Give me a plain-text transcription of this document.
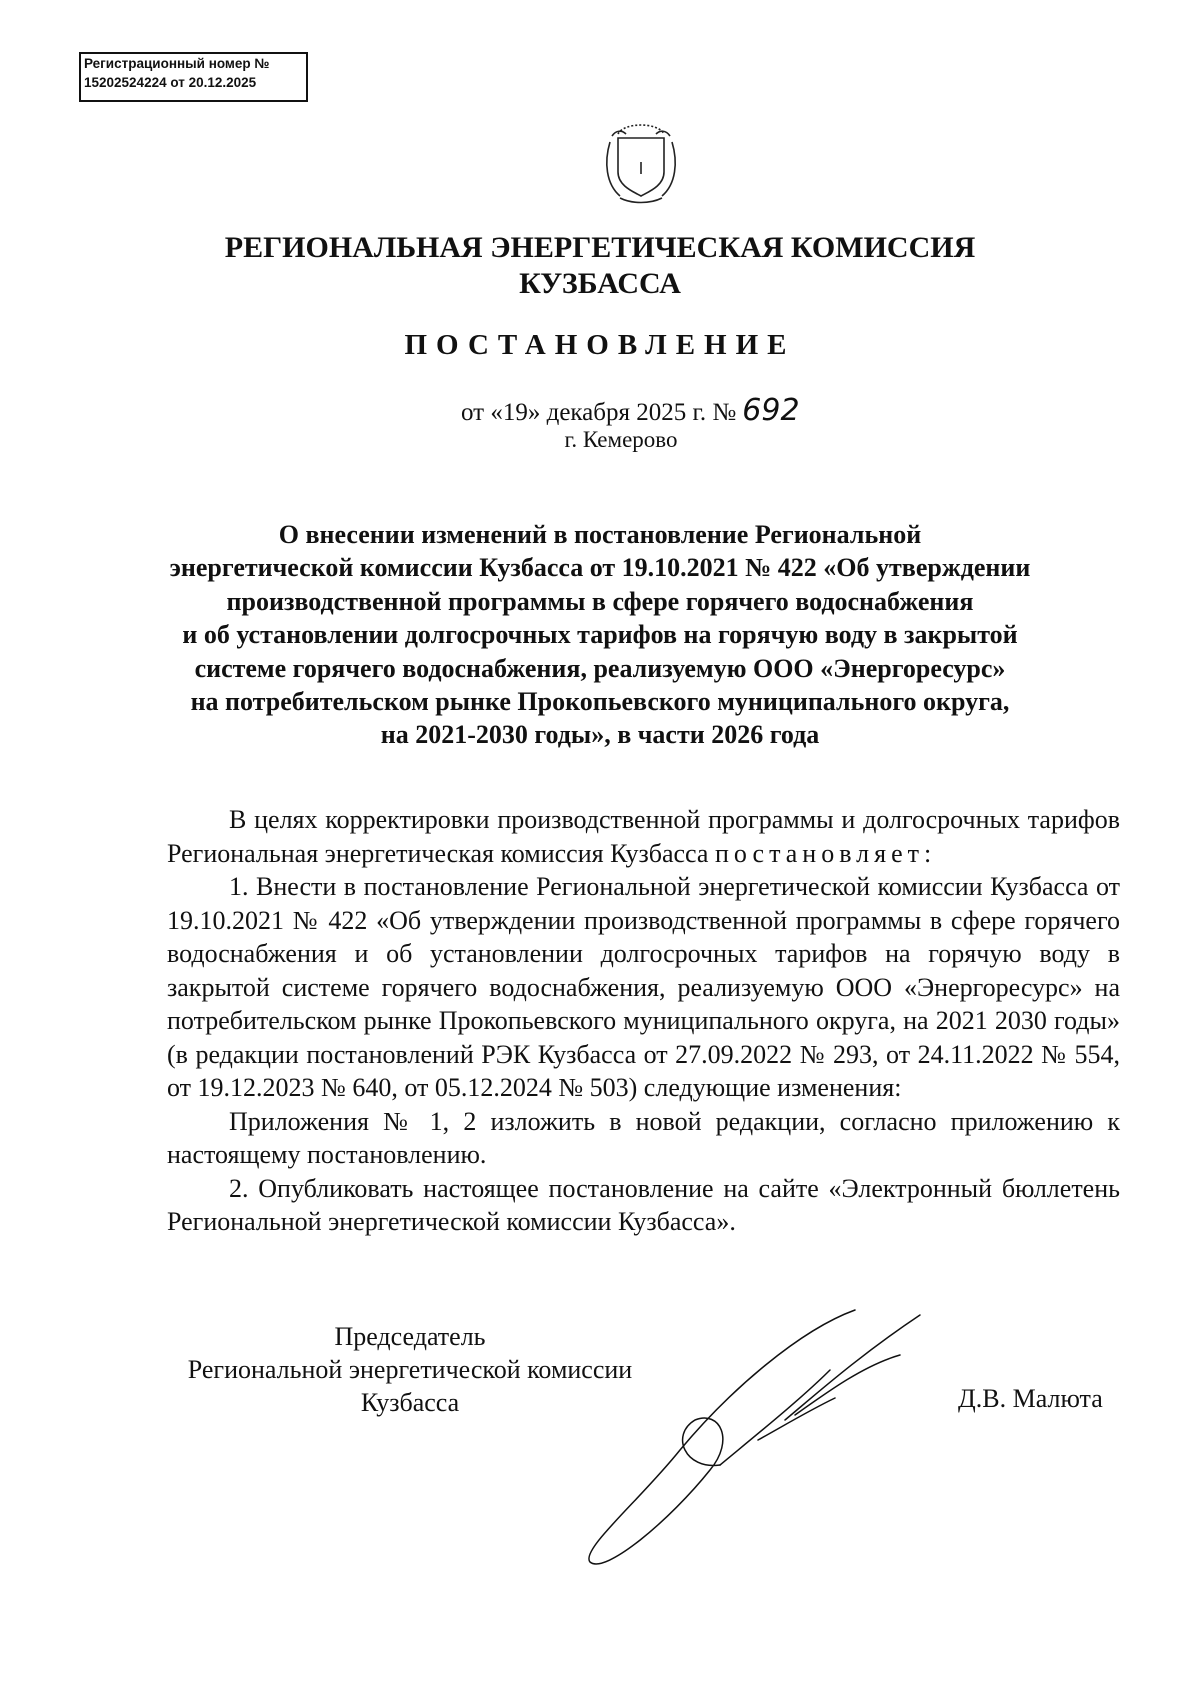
Регистрационный номер №
15202524224 от 20.12.2025
РЕГИОНАЛЬНАЯ ЭНЕРГЕТИЧЕСКАЯ КОМИССИЯ
КУЗБАССА
ПОСТАНОВЛЕНИЕ
от «19» декабря 2025 г. № 692
г. Кемерово
О внесении изменений в постановление Региональной
энергетической комиссии Кузбасса от 19.10.2021 № 422 «Об утверждении
производственной программы в сфере горячего водоснабжения
и об установлении долгосрочных тарифов на горячую воду в закрытой
системе горячего водоснабжения, реализуемую ООО «Энергоресурс»
на потребительском рынке Прокопьевского муниципального округа,
на 2021-2030 годы», в части 2026 года

В целях корректировки производственной программы и долгосрочных тарифов Региональная энергетическая комиссия Кузбасса постановляет:

1. Внести в постановление Региональной энергетической комиссии Кузбасса от 19.10.2021 № 422 «Об утверждении производственной программы в сфере горячего водоснабжения и об установлении долгосрочных тарифов на горячую воду в закрытой системе горячего водоснабжения, реализуемую ООО «Энергоресурс» на потребительском рынке Прокопьевского муниципального округа, на 2021 2030 годы» (в редакции постановлений РЭК Кузбасса от 27.09.2022 № 293, от 24.11.2022 № 554, от 19.12.2023 № 640, от 05.12.2024 № 503) следующие изменения:

Приложения № 1, 2 изложить в новой редакции, согласно приложению к настоящему постановлению.

2. Опубликовать настоящее постановление на сайте «Электронный бюллетень Региональной энергетической комиссии Кузбасса».

Председатель
Региональной энергетической комиссии
Кузбасса	Д.В. Малюта
